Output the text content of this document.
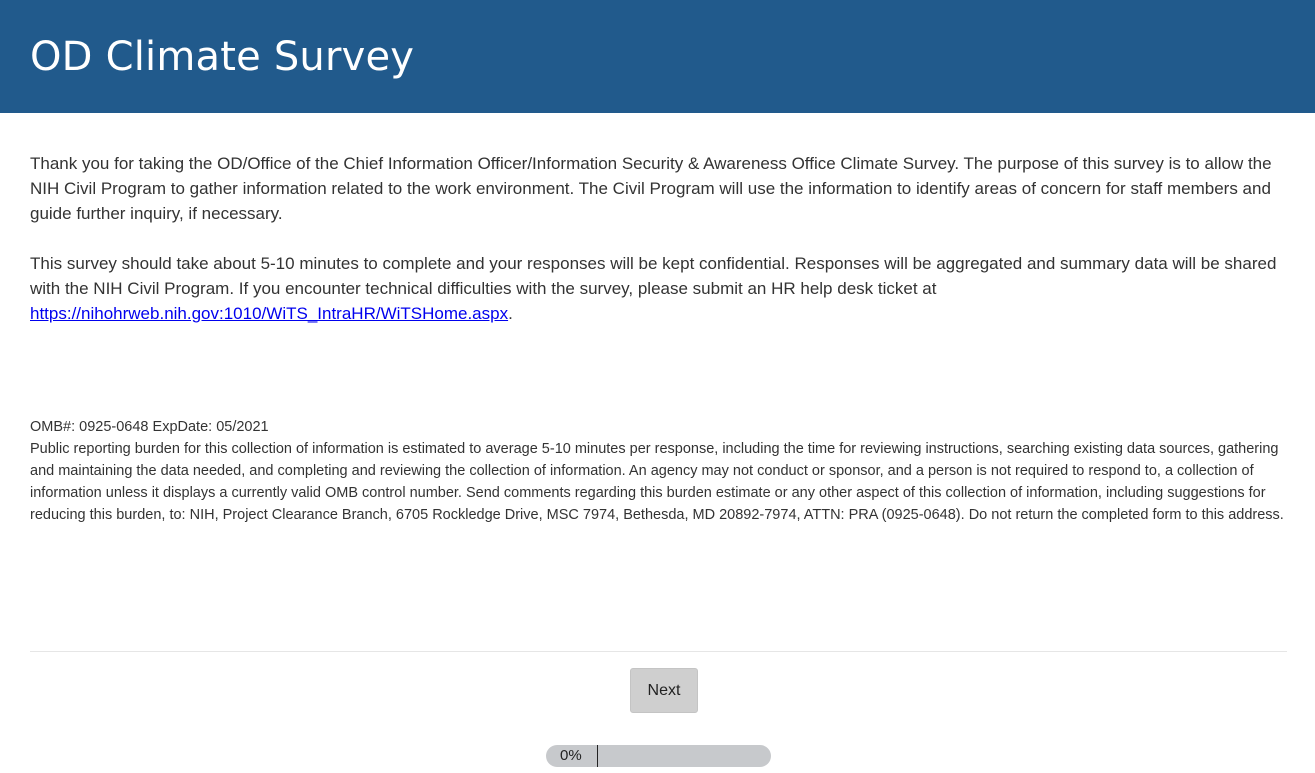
OD Climate Survey

Thank you for taking the OD/Office of the Chief Information Officer/Information Security & Awareness Office Climate Survey. The purpose of this survey is to allow the NIH Civil Program to gather information related to the work environment. The Civil Program will use the information to identify areas of concern for staff members and guide further inquiry, if necessary.

This survey should take about 5-10 minutes to complete and your responses will be kept confidential. Responses will be aggregated and summary data will be shared with the NIH Civil Program. If you encounter technical difficulties with the survey, please submit an HR help desk ticket at https://nihohrweb.nih.gov:1010/WiTS_IntraHR/WiTSHome.aspx.

OMB#: 0925-0648 ExpDate: 05/2021

Public reporting burden for this collection of information is estimated to average 5-10 minutes per response, including the time for reviewing instructions, searching existing data sources, gathering and maintaining the data needed, and completing and reviewing the collection of information. An agency may not conduct or sponsor, and a person is not required to respond to, a collection of information unless it displays a currently valid OMB control number. Send comments regarding this burden estimate or any other aspect of this collection of information, including suggestions for reducing this burden, to: NIH, Project Clearance Branch, 6705 Rockledge Drive, MSC 7974, Bethesda, MD 20892-7974, ATTN: PRA (0925-0648). Do not return the completed form to this address.

Next
0%
